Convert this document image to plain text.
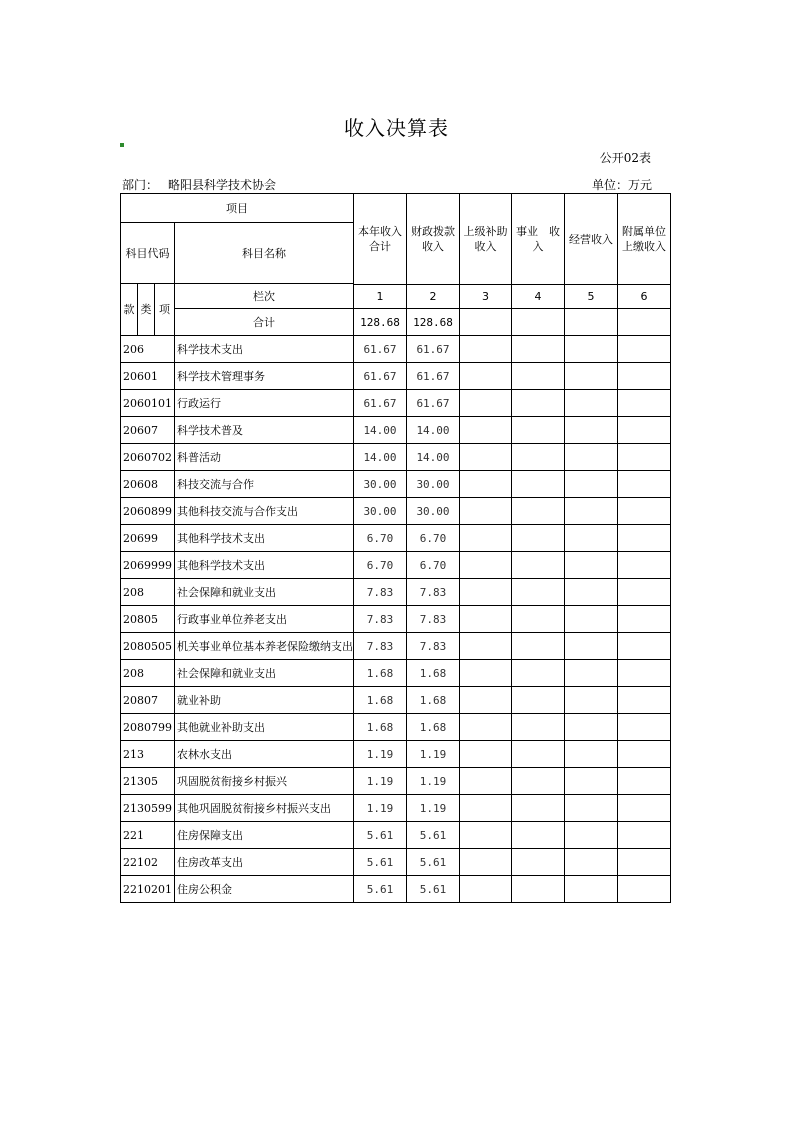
收入决算表
公开02表
部门： 略阳县科学技术协会	单位：万元
项目				本年收入合计	财政拨款收入	上级补助收入	事业　收入	经营收入	附属单位上缴收入
科目代码			科目名称						
款	类	项							
			栏次	1	2	3	4	5	6
			合计	128.68	128.68				
206			科学技术支出	61.67	61.67				
20601			科学技术管理事务	61.67	61.67				
2060101			行政运行	61.67	61.67				
20607			科学技术普及	14.00	14.00				
2060702			科普活动	14.00	14.00				
20608			科技交流与合作	30.00	30.00				
2060899			其他科技交流与合作支出	30.00	30.00				
20699			其他科学技术支出	6.70	6.70				
2069999			其他科学技术支出	6.70	6.70				
208			社会保障和就业支出	7.83	7.83				
20805			行政事业单位养老支出	7.83	7.83				
2080505			机关事业单位基本养老保险缴纳支出	7.83	7.83				
208			社会保障和就业支出	1.68	1.68				
20807			就业补助	1.68	1.68				
2080799			其他就业补助支出	1.68	1.68				
213			农林水支出	1.19	1.19				
21305			巩固脱贫衔接乡村振兴	1.19	1.19				
2130599			其他巩固脱贫衔接乡村振兴支出	1.19	1.19				
221			住房保障支出	5.61	5.61				
22102			住房改革支出	5.61	5.61				
2210201			住房公积金	5.61	5.61				
